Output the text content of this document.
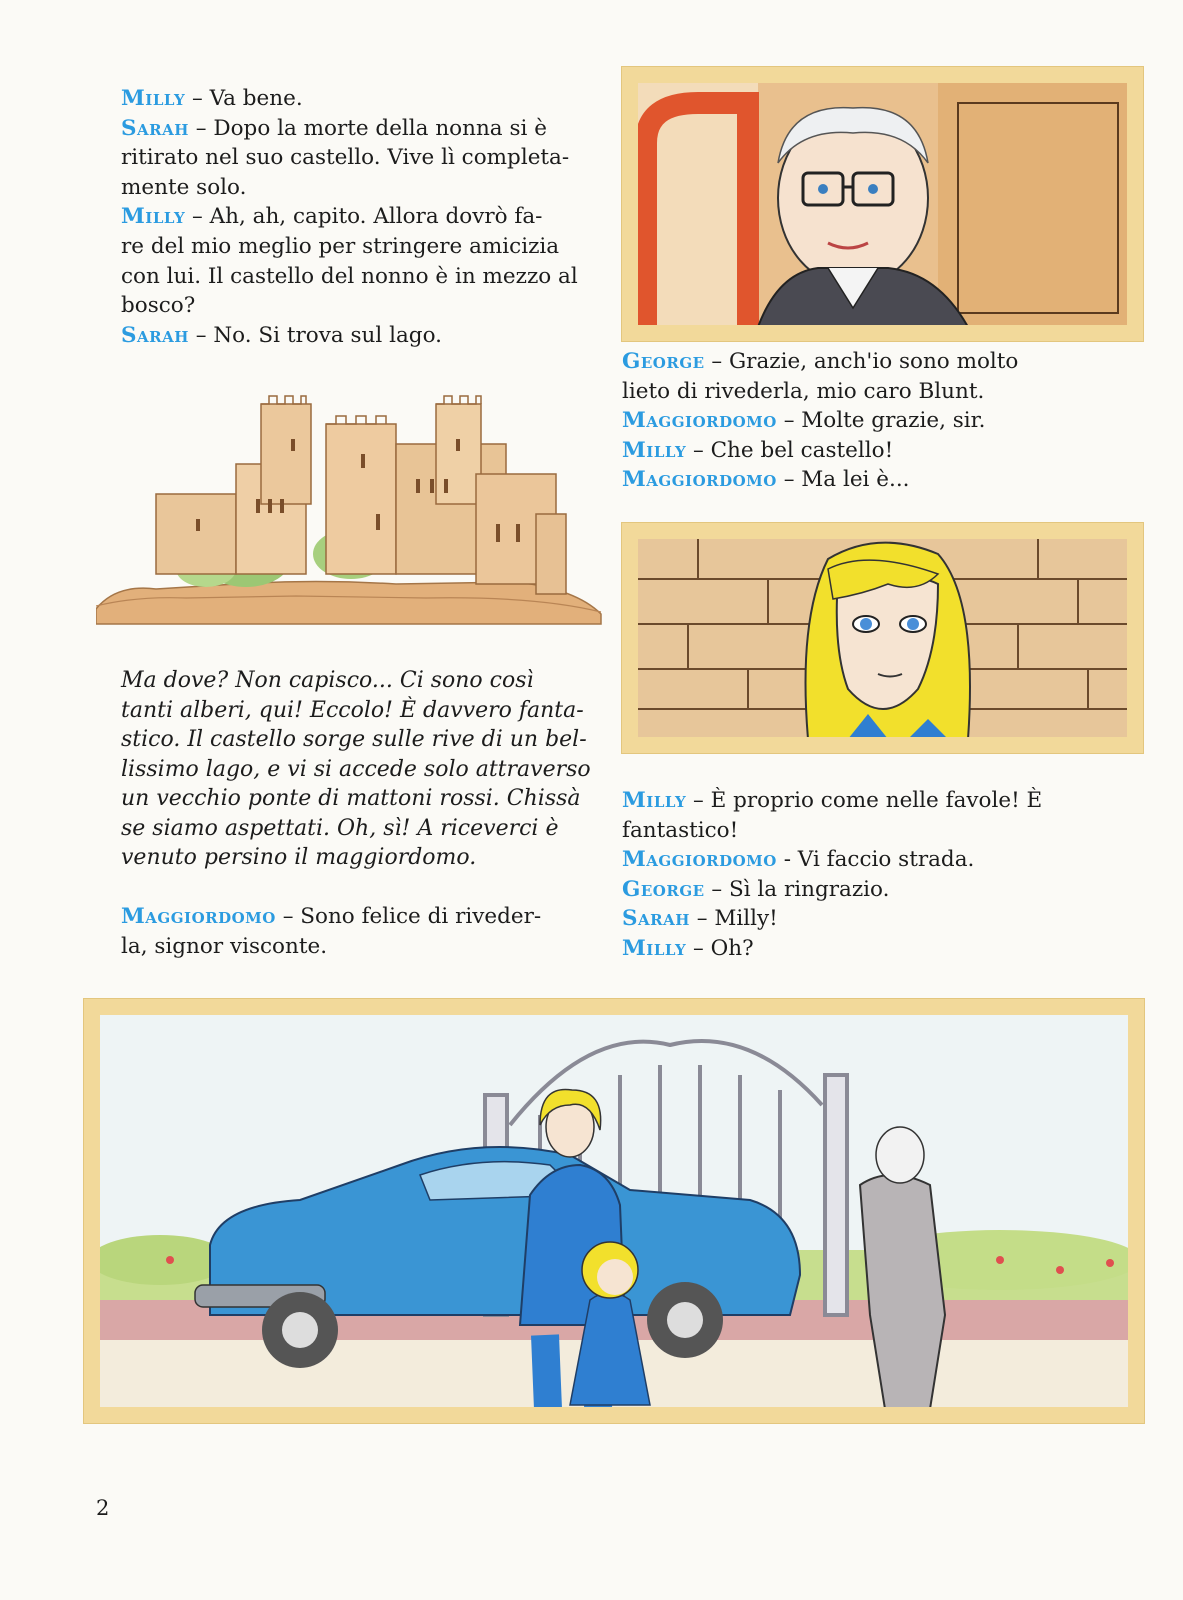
Milly – Va bene.

Sarah – Dopo la morte della nonna si è

ritirato nel suo castello. Vive lì completa-

mente solo.

Milly – Ah, ah, capito. Allora dovrò fa-

re del mio meglio per stringere amicizia

con lui. Il castello del nonno è in mezzo al

bosco?

Sarah – No. Si trova sul lago.

Ma dove? Non capisco... Ci sono così

tanti alberi, qui! Eccolo! È davvero fanta-

stico. Il castello sorge sulle rive di un bel-

lissimo lago, e vi si accede solo attraverso

un vecchio ponte di mattoni rossi. Chissà

se siamo aspettati. Oh, sì! A riceverci è

venuto persino il maggiordomo.

Maggiordomo – Sono felice di riveder-

la, signor visconte.

George – Grazie, anch'io sono molto

lieto di rivederla, mio caro Blunt.

Maggiordomo – Molte grazie, sir.

Milly – Che bel castello!

Maggiordomo – Ma lei è...

Milly – È proprio come nelle favole! È

fantastico!

Maggiordomo - Vi faccio strada.

George – Sì la ringrazio.

Sarah – Milly!

Milly – Oh?

2
